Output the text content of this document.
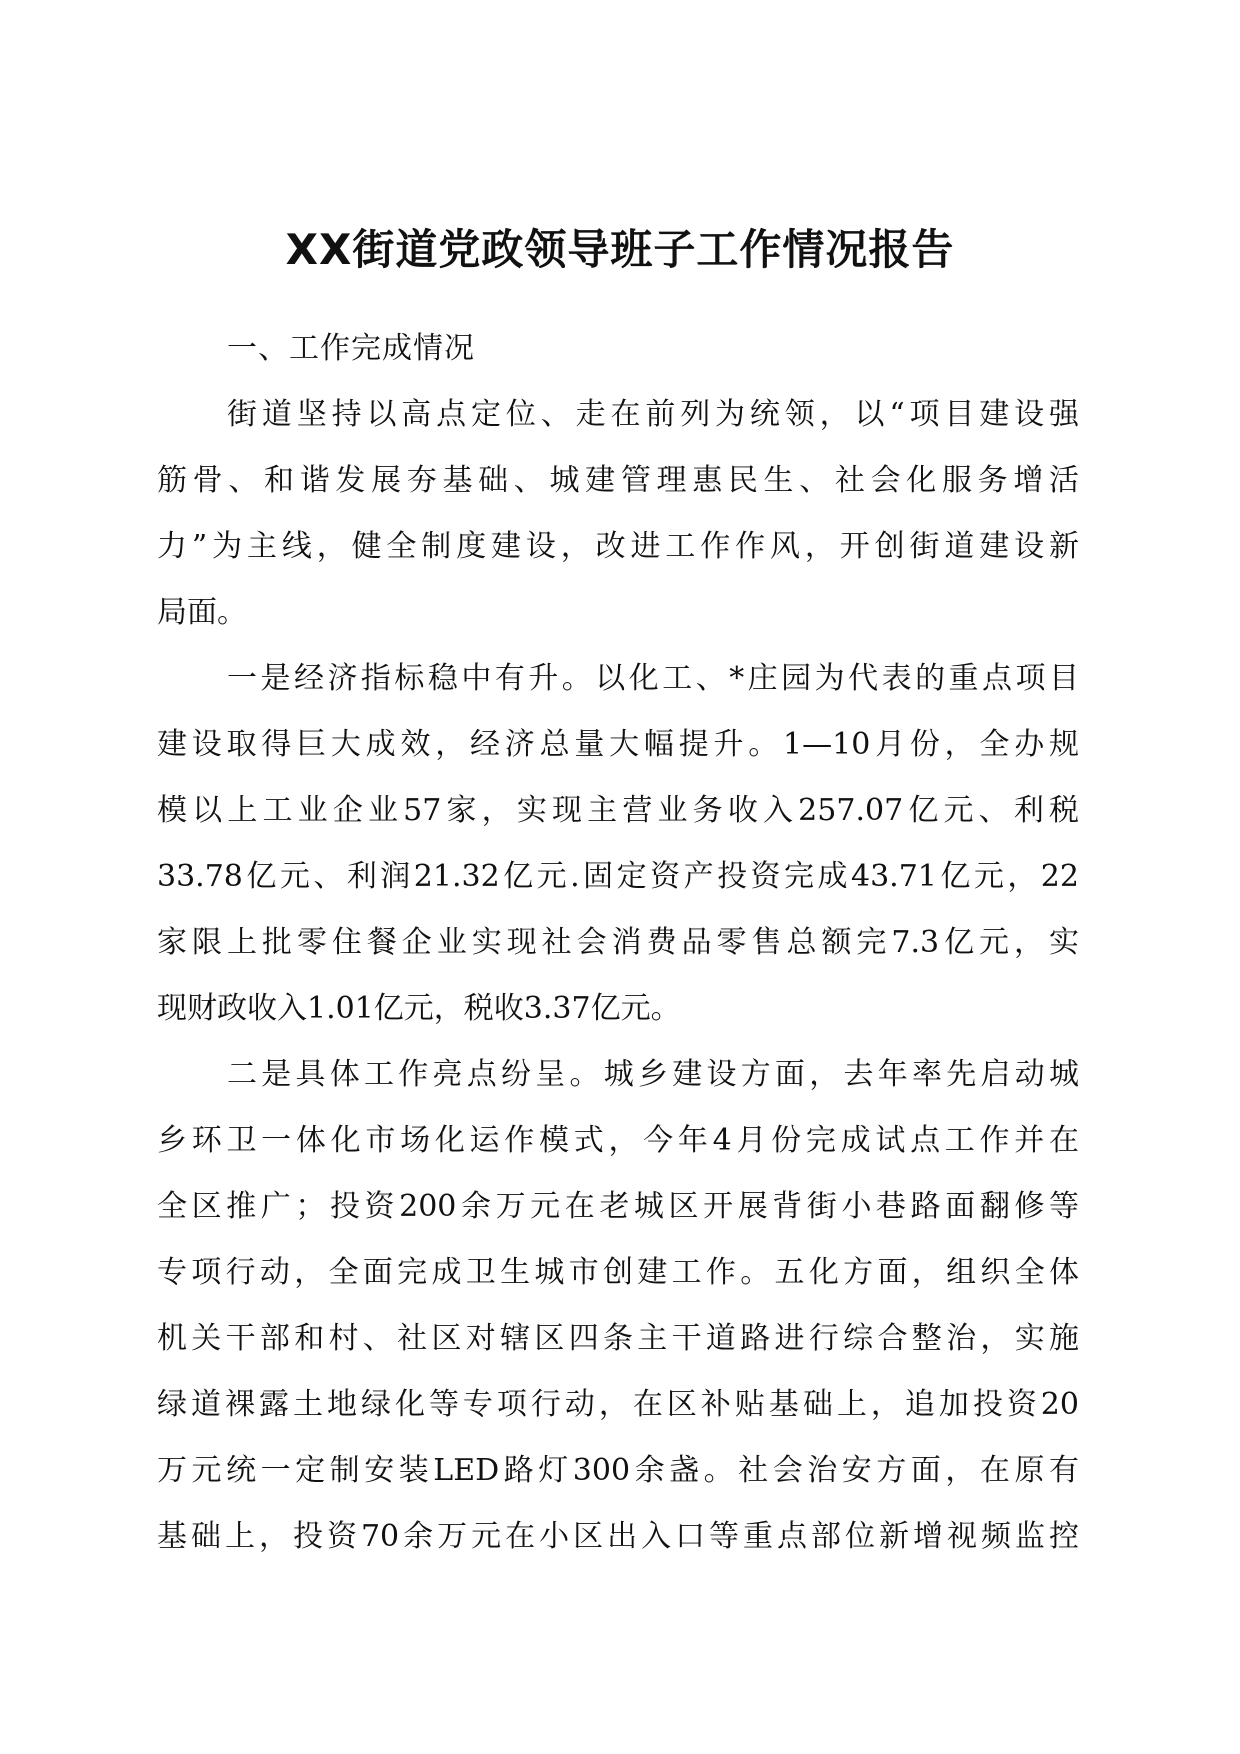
XX街道党政领导班子工作情况报告

一、工作完成情况

街道坚持以高点定位、走在前列为统领，以“项目建设强
筋骨、和谐发展夯基础、城建管理惠民生、社会化服务增活
力”为主线，健全制度建设，改进工作作风，开创街道建设新
局面。

一是经济指标稳中有升。以化工、*庄园为代表的重点项目
建设取得巨大成效，经济总量大幅提升。1—10月份，全办规
模以上工业企业57家，实现主营业务收入257.07亿元、利税
33.78亿元、利润21.32亿元.固定资产投资完成43.71亿元，22
家限上批零住餐企业实现社会消费品零售总额完7.3亿元，实
现财政收入1.01亿元，税收3.37亿元。

二是具体工作亮点纷呈。城乡建设方面，去年率先启动城
乡环卫一体化市场化运作模式，今年4月份完成试点工作并在
全区推广；投资200余万元在老城区开展背街小巷路面翻修等
专项行动，全面完成卫生城市创建工作。五化方面，组织全体
机关干部和村、社区对辖区四条主干道路进行综合整治，实施
绿道裸露土地绿化等专项行动，在区补贴基础上，追加投资20
万元统一定制安装LED路灯300余盏。社会治安方面，在原有
基础上，投资70余万元在小区出入口等重点部位新增视频监控
